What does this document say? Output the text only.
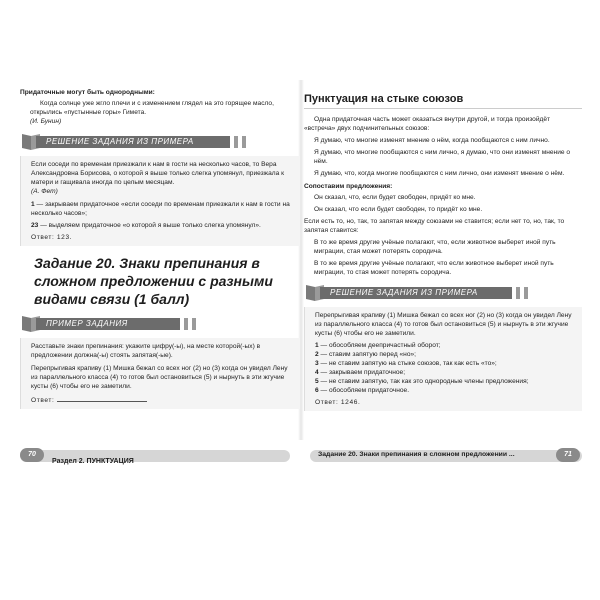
Придаточные могут быть однородными:

Когда солнце уже жгло плечи и с изменением глядел на это горящее масло, открылись «пустынные горы» Гимета.

(И. Бунин)

РЕШЕНИЕ ЗАДАНИЯ ИЗ ПРИМЕРА

Если соседи по временам приезжали к нам в гости на несколько часов, то Вера Александровна Борисова, о которой я выше только слегка упомянул, приезжала к матери и гащивала иногда по целым месяцам.

(А. Фет)

1 — закрываем придаточное «если соседи по временам приезжали к нам в гости на несколько часов»;

23 — выделяем придаточное «о которой я выше только слегка упомянул».

Ответ: 123.

Задание 20. Знаки препинания в сложном предложении с разными видами связи (1 балл)
ПРИМЕР ЗАДАНИЯ

Расставьте знаки препинания: укажите цифру(-ы), на месте которой(-ых) в предложении должна(-ы) стоять запятая(-ые).

Перепрыгивая крапиву (1) Мишка бежал со всех ног (2) но (3) когда он увидел Лену из параллельного класса (4) то готов был остановиться (5) и нырнуть в эти жгучие кусты (6) чтобы его не заметили.

Ответ:

Пунктуация на стыке союзов

Одна придаточная часть может оказаться внутри другой, и тогда произойдёт «встреча» двух подчинительных союзов:

Я думаю, что многие изменят мнение о нём, когда пообщаются с ним лично.

Я думаю, что многие пообщаются с ним лично, я думаю, что они изменят мнение о нём.

Я думаю, что, когда многие пообщаются с ним лично, они изменят мнение о нём.

Сопоставим предложения:

Он сказал, что, если будет свободен, придёт ко мне.

Он сказал, что если будет свободен, то придёт ко мне.

Если есть то, но, так, то запятая между союзами не ставится; если нет то, но, так, то запятая ставится:

В то же время другие учёные полагают, что, если животное выберет иной путь миграции, стая может потерять сородича.

В то же время другие учёные полагают, что если животное выберет иной путь миграции, то стая может потерять сородича.

РЕШЕНИЕ ЗАДАНИЯ ИЗ ПРИМЕРА

Перепрыгивая крапиву (1) Мишка бежал со всех ног (2) но (3) когда он увидел Лену из параллельного класса (4) то готов был остановиться (5) и нырнуть в эти жгучие кусты (6) чтобы его не заметили.

1 — обособляем деепричастный оборот;

2 — ставим запятую перед «но»;

3 — не ставим запятую на стыке союзов, так как есть «то»;

4 — закрываем придаточное;

5 — не ставим запятую, так как это однородные члены предложения;

6 — обособляем придаточное.

Ответ: 1246.

Раздел 2. ПУНКТУАЦИЯ
70	Задание 20. Знаки препинания в сложном предложении ...	71
